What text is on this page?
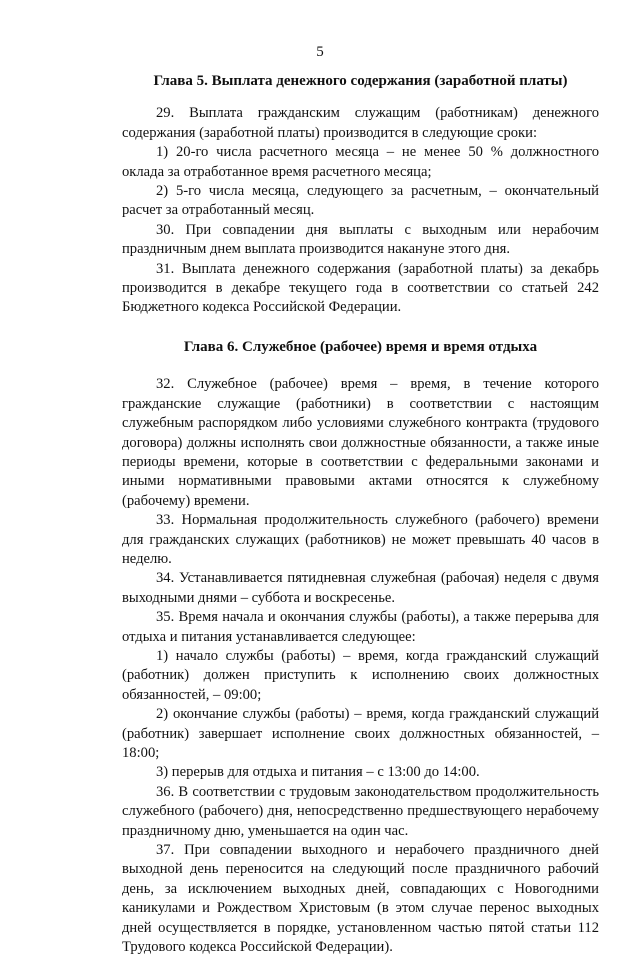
5
Глава 5. Выплата денежного содержания (заработной платы)

29. Выплата гражданским служащим (работникам) денежного содержания (заработной платы) производится в следующие сроки:

1) 20-го числа расчетного месяца – не менее 50 % должностного оклада за отработанное время расчетного месяца;

2) 5-го числа месяца, следующего за расчетным, – окончательный расчет за отработанный месяц.

30. При совпадении дня выплаты с выходным или нерабочим праздничным днем выплата производится накануне этого дня.

31. Выплата денежного содержания (заработной платы) за декабрь производится в декабре текущего года в соответствии со статьей 242 Бюджетного кодекса Российской Федерации.

Глава 6. Служебное (рабочее) время и время отдыха

32. Служебное (рабочее) время – время, в течение которого гражданские служащие (работники) в соответствии с настоящим служебным распорядком либо условиями служебного контракта (трудового договора) должны исполнять свои должностные обязанности, а также иные периоды времени, которые в соответствии с федеральными законами и иными нормативными правовыми актами относятся к служебному (рабочему) времени.

33. Нормальная продолжительность служебного (рабочего) времени для гражданских служащих (работников) не может превышать 40 часов в неделю.

34. Устанавливается пятидневная служебная (рабочая) неделя с двумя выходными днями – суббота и воскресенье.

35. Время начала и окончания службы (работы), а также перерыва для отдыха и питания устанавливается следующее:

1) начало службы (работы) – время, когда гражданский служащий (работник) должен приступить к исполнению своих должностных обязанностей, – 09:00;

2) окончание службы (работы) – время, когда гражданский служащий (работник) завершает исполнение своих должностных обязанностей, – 18:00;

3) перерыв для отдыха и питания – с 13:00 до 14:00.

36. В соответствии с трудовым законодательством продолжительность служебного (рабочего) дня, непосредственно предшествующего нерабочему праздничному дню, уменьшается на один час.

37. При совпадении выходного и нерабочего праздничного дней выходной день переносится на следующий после праздничного рабочий день, за исключением выходных дней, совпадающих с Новогодними каникулами и Рождеством Христовым (в этом случае перенос выходных дней осуществляется в порядке, установленном частью пятой статьи 112 Трудового кодекса Российской Федерации).
